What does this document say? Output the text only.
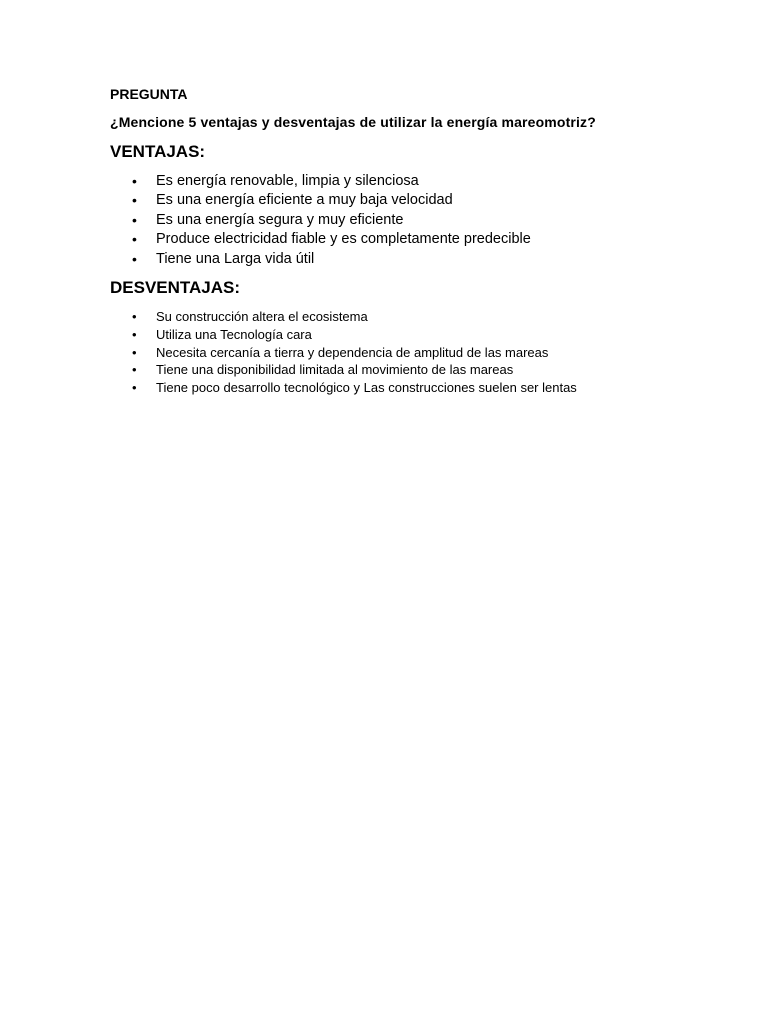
PREGUNTA

¿Mencione 5 ventajas y desventajas de utilizar la energía mareomotriz?

VENTAJAS:
• Es energía renovable, limpia y silenciosa
• Es una energía eficiente a muy baja velocidad
• Es una energía segura y muy eficiente
• Produce electricidad fiable y es completamente predecible
• Tiene una Larga vida útil
DESVENTAJAS:
• Su construcción altera el ecosistema
• Utiliza una Tecnología cara
• Necesita cercanía a tierra y dependencia de amplitud de las mareas
• Tiene una disponibilidad limitada al movimiento de las mareas
• Tiene poco desarrollo tecnológico y Las construcciones suelen ser lentas
